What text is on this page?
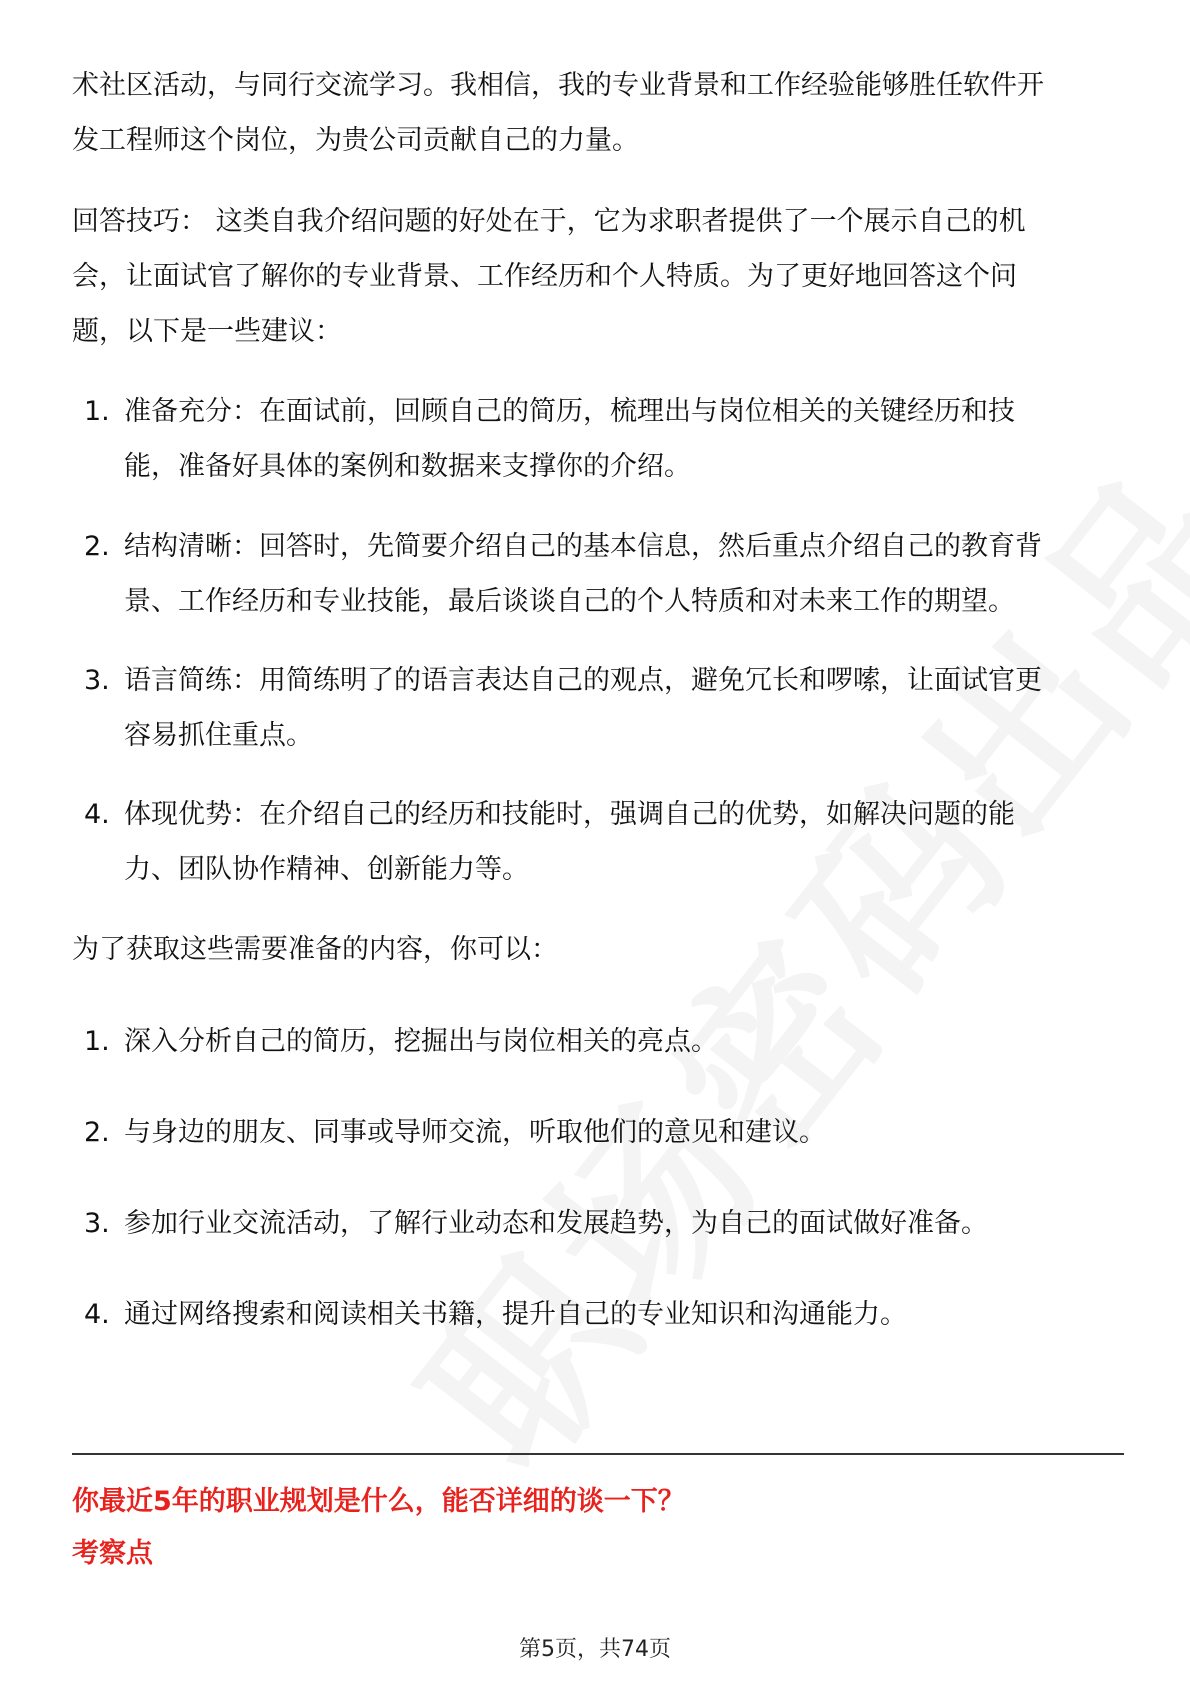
术社区活动，与同行交流学习。我相信，我的专业背景和工作经验能够胜任软件开
发工程师这个岗位，为贵公司贡献自己的力量。
回答技巧： 这类自我介绍问题的好处在于，它为求职者提供了一个展示自己的机
会，让面试官了解你的专业背景、工作经历和个人特质。为了更好地回答这个问
题，以下是一些建议：
1. 准备充分：在面试前，回顾自己的简历，梳理出与岗位相关的关键经历和技
能，准备好具体的案例和数据来支撑你的介绍。
2. 结构清晰：回答时，先简要介绍自己的基本信息，然后重点介绍自己的教育背
景、工作经历和专业技能，最后谈谈自己的个人特质和对未来工作的期望。
3. 语言简练：用简练明了的语言表达自己的观点，避免冗长和啰嗦，让面试官更
容易抓住重点。
4. 体现优势：在介绍自己的经历和技能时，强调自己的优势，如解决问题的能
力、团队协作精神、创新能力等。
为了获取这些需要准备的内容，你可以：
1. 深入分析自己的简历，挖掘出与岗位相关的亮点。
2. 与身边的朋友、同事或导师交流，听取他们的意见和建议。
3. 参加行业交流活动，了解行业动态和发展趋势，为自己的面试做好准备。
4. 通过网络搜索和阅读相关书籍，提升自己的专业知识和沟通能力。
你最近5年的职业规划是什么，能否详细的谈一下？
考察点
第5页，共74页
